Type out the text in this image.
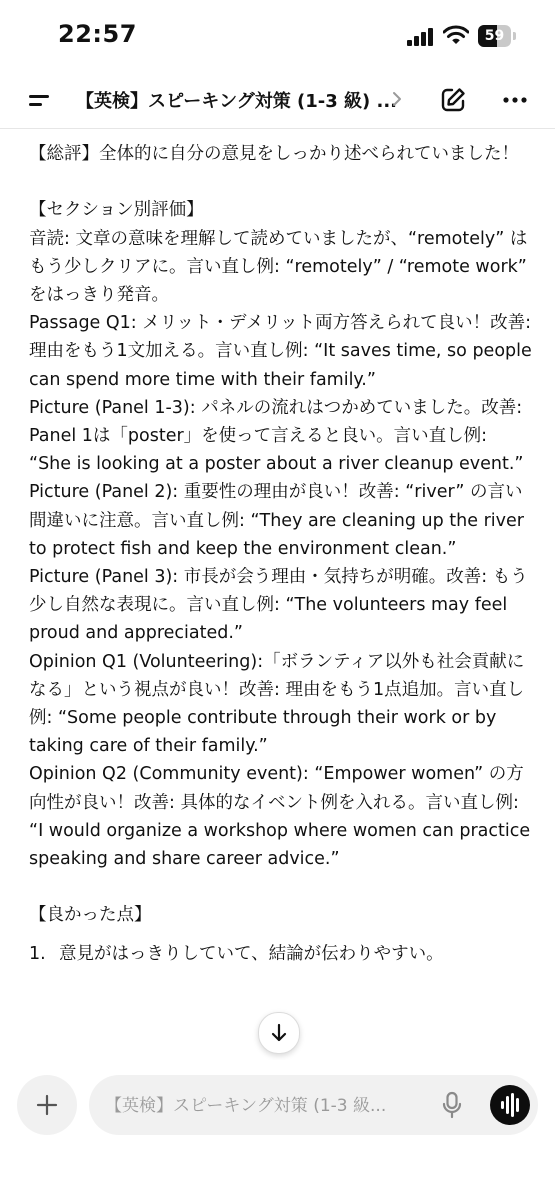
22:57	59
【英検】スピーキング対策 (1-3 級) ...

【総評】全体的に自分の意見をしっかり述べられていました！

【セクション別評価】

音読: 文章の意味を理解して読めていましたが、“remotely” はもう少しクリアに。言い直し例: “remotely” / “remote work” をはっきり発音。

Passage Q1: メリット・デメリット両方答えられて良い！改善: 理由をもう1文加える。言い直し例: “It saves time, so people can spend more time with their family.”

Picture (Panel 1-3): パネルの流れはつかめていました。改善: Panel 1は「poster」を使って言えると良い。言い直し例: “She is looking at a poster about a river cleanup event.”

Picture (Panel 2): 重要性の理由が良い！改善: “river” の言い間違いに注意。言い直し例: “They are cleaning up the river to protect fish and keep the environment clean.”

Picture (Panel 3): 市長が会う理由・気持ちが明確。改善: もう少し自然な表現に。言い直し例: “The volunteers may feel proud and appreciated.”

Opinion Q1 (Volunteering):「ボランティア以外も社会貢献になる」という視点が良い！改善: 理由をもう1点追加。言い直し例: “Some people contribute through their work or by taking care of their family.”

Opinion Q2 (Community event): “Empower women” の方向性が良い！改善: 具体的なイベント例を入れる。言い直し例: “I would organize a workshop where women can practice speaking and share career advice.”

【良かった点】

1. 意見がはっきりしていて、結論が伝わりやすい。
【英検】スピーキング対策 (1-3 級...
